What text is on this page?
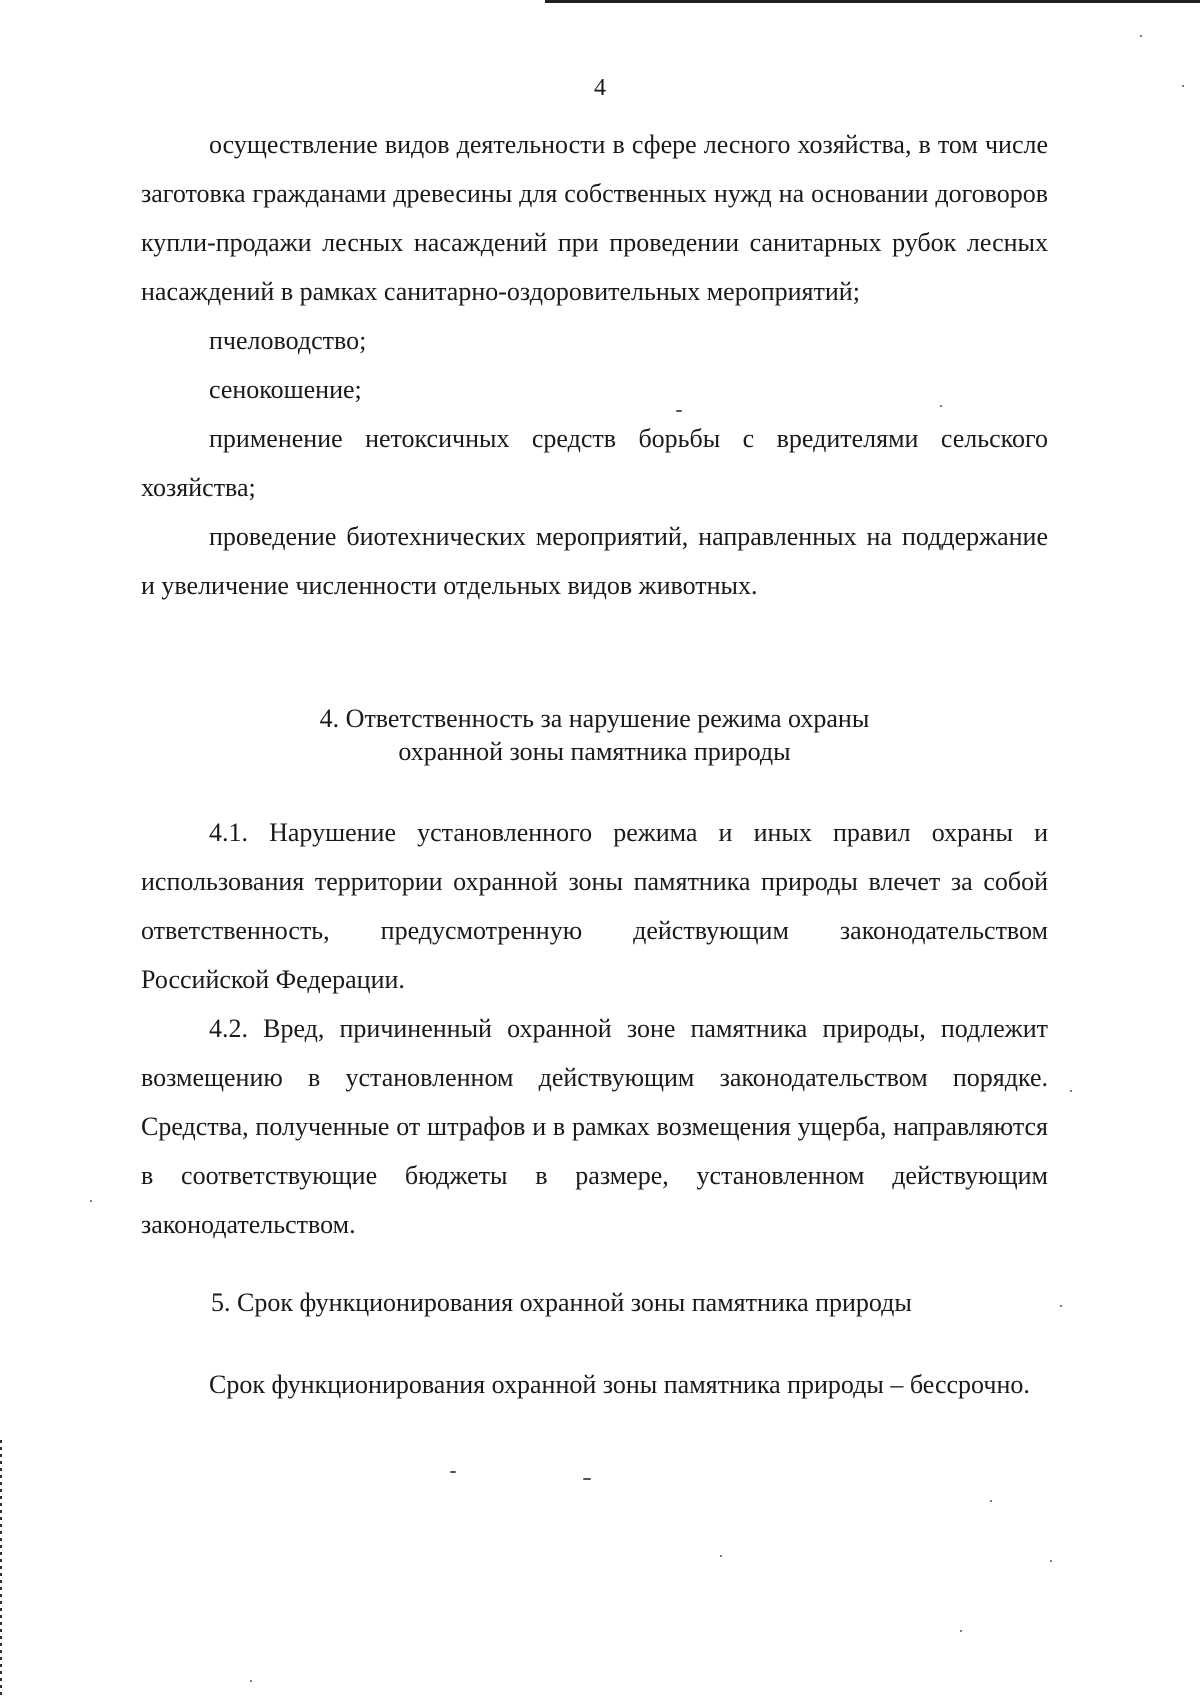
4

осуществление видов деятельности в сфере лесного хозяйства, в том числе заготовка гражданами древесины для собственных нужд на основании договоров купли-продажи лесных насаждений при проведении санитарных рубок лесных насаждений в рамках санитарно-оздоровительных мероприятий;

пчеловодство;

сенокошение;

применение нетоксичных средств борьбы с вредителями сельского хозяйства;

проведение биотехнических мероприятий, направленных на поддержание и увеличение численности отдельных видов животных.

4. Ответственность за нарушение режима охраны

охранной зоны памятника природы

4.1. Нарушение установленного режима и иных правил охраны и использования территории охранной зоны памятника природы влечет за собой ответственность, предусмотренную действующим законодательством Российской Федерации.

4.2. Вред, причиненный охранной зоне памятника природы, подлежит возмещению в установленном действующим законодательством порядке. Средства, полученные от штрафов и в рамках возмещения ущерба, направляются в соответствующие бюджеты в размере, установленном действующим законодательством.

5. Срок функционирования охранной зоны памятника природы

Срок функционирования охранной зоны памятника природы – бессрочно.
